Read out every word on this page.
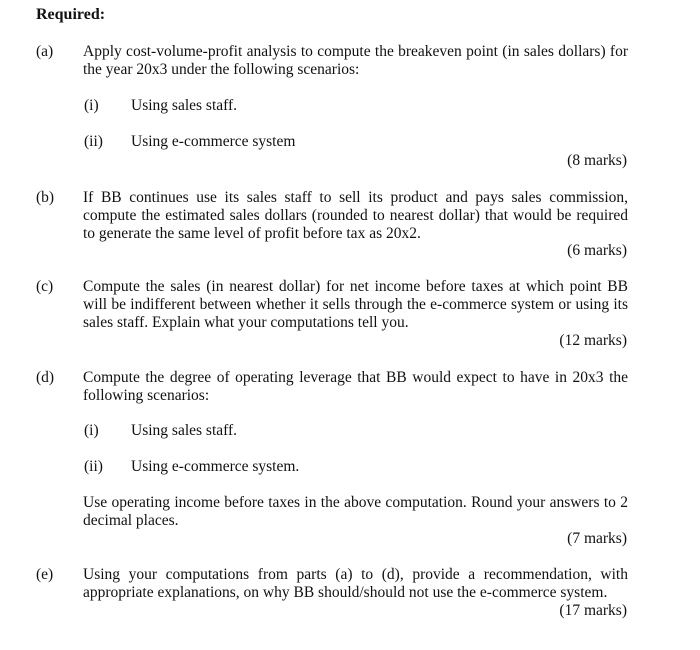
Required:
(a) Apply cost-volume-profit analysis to compute the breakeven point (in sales dollars) for the year 20x3 under the following scenarios:
(i) Using sales staff.
(ii) Using e-commerce system
(8 marks)
(b) If BB continues use its sales staff to sell its product and pays sales commission, compute the estimated sales dollars (rounded to nearest dollar) that would be required to generate the same level of profit before tax as 20x2.
(6 marks)
(c) Compute the sales (in nearest dollar) for net income before taxes at which point BB will be indifferent between whether it sells through the e-commerce system or using its sales staff. Explain what your computations tell you.
(12 marks)
(d) Compute the degree of operating leverage that BB would expect to have in 20x3 the following scenarios:
(i) Using sales staff.
(ii) Using e-commerce system.
Use operating income before taxes in the above computation. Round your answers to 2 decimal places.
(7 marks)
(e) Using your computations from parts (a) to (d), provide a recommendation, with appropriate explanations, on why BB should/should not use the e-commerce system.
(17 marks)
